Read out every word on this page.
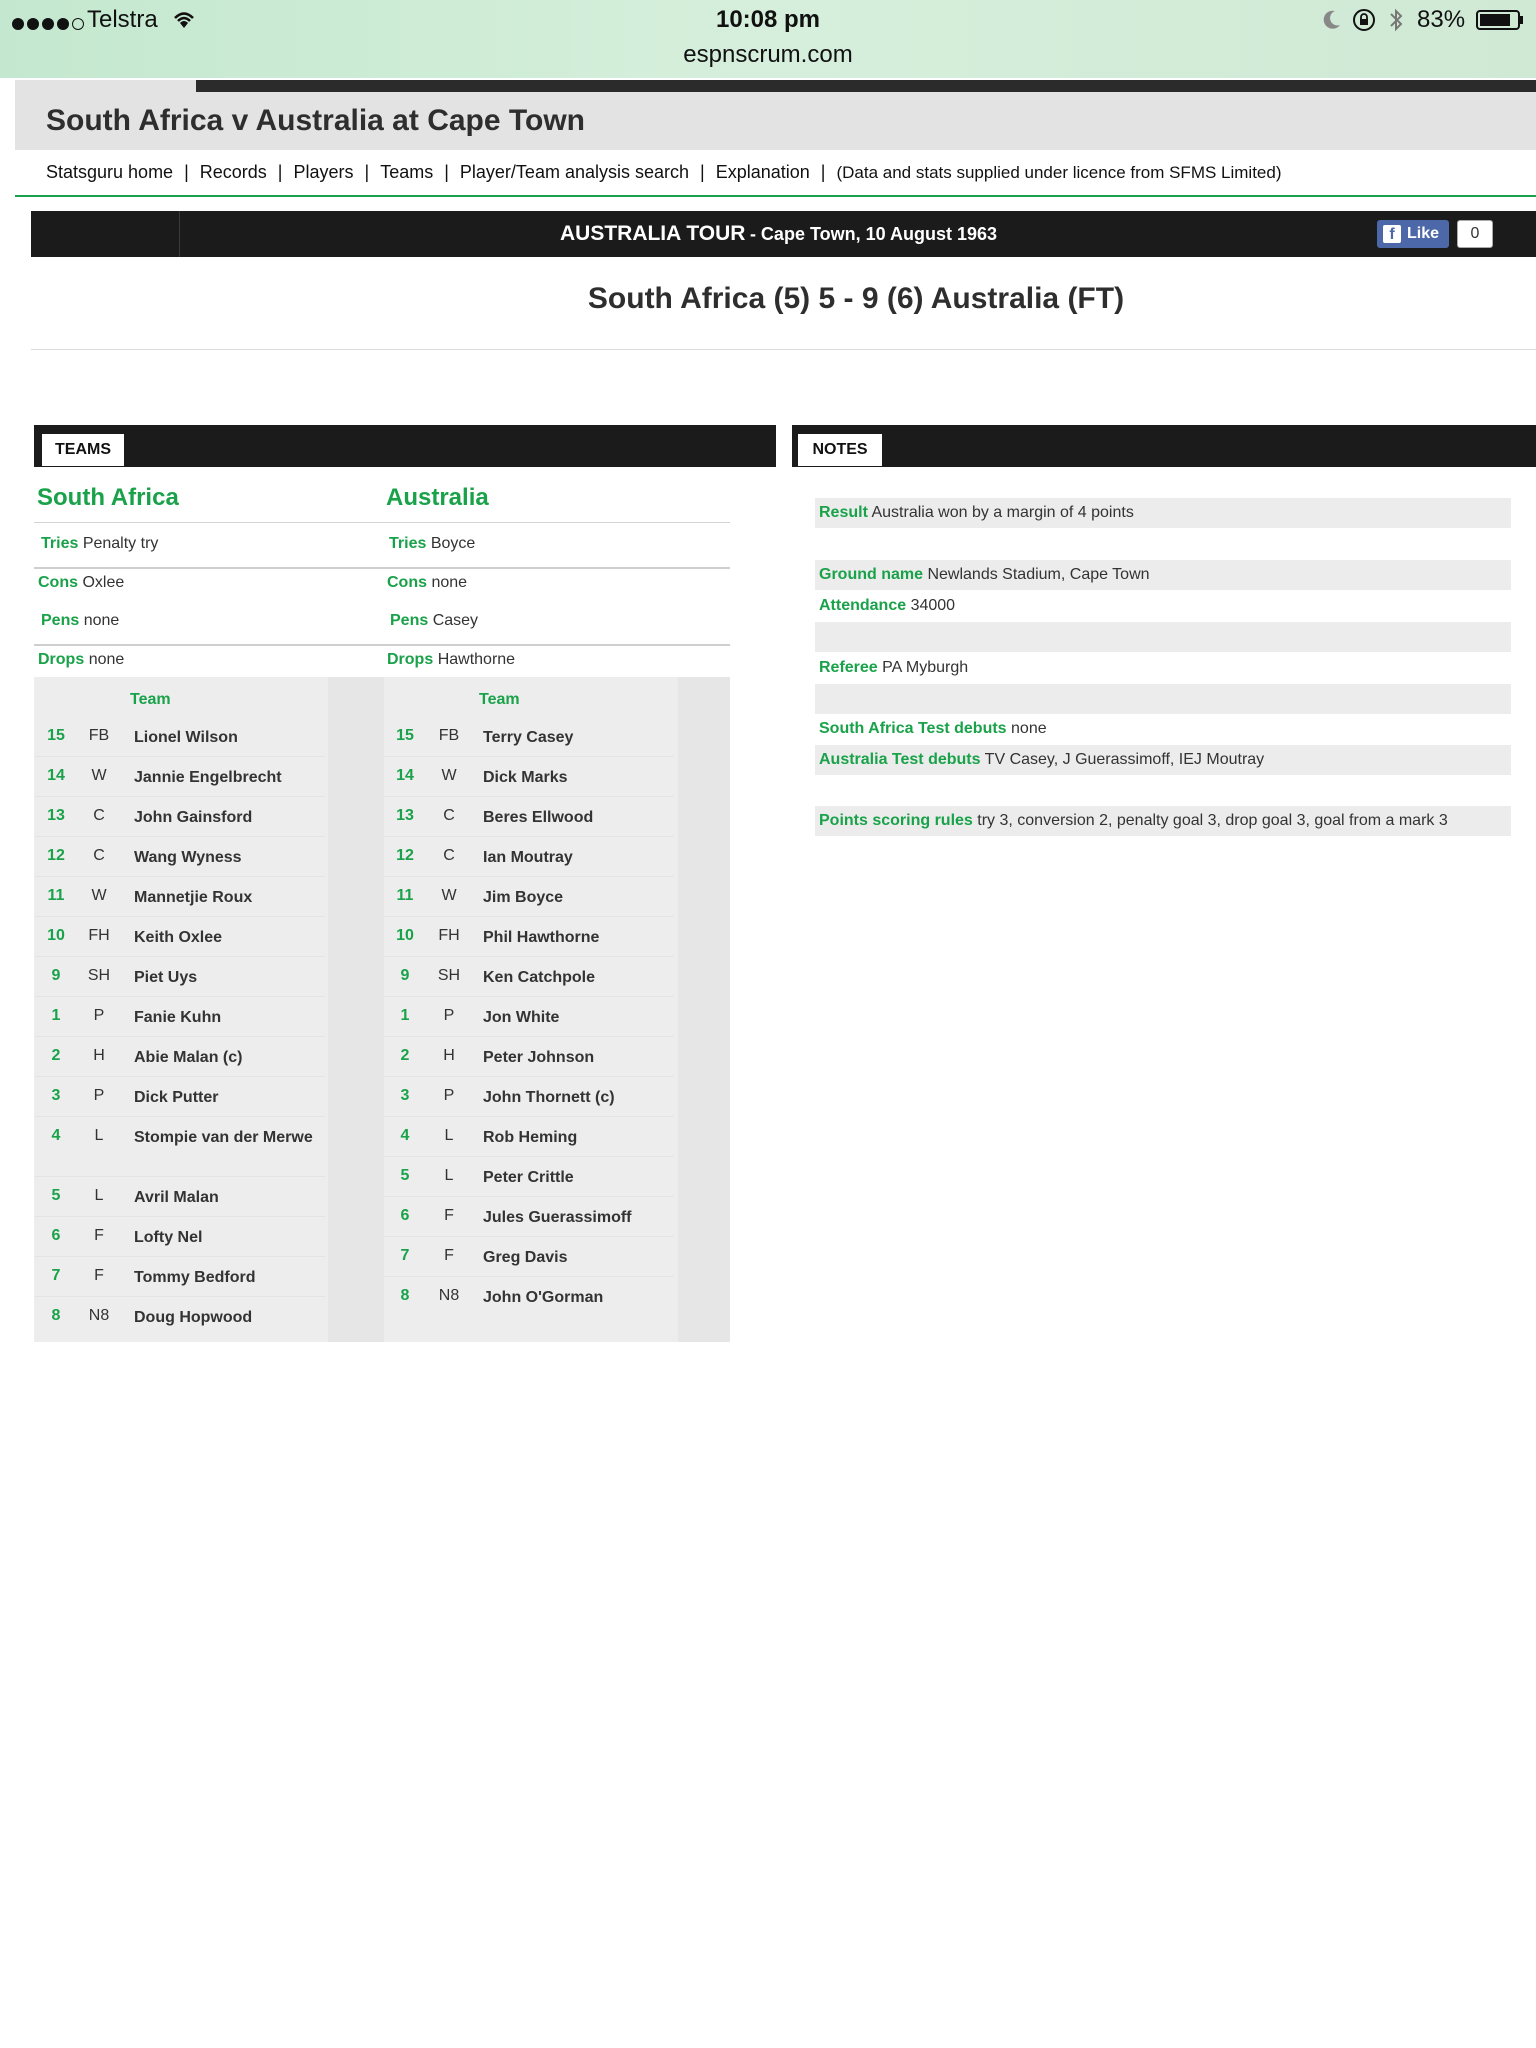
Telstra	10:08 pm
espnscrum.com
83%
South Africa v Australia at Cape Town
Statsguru home | Records | Players | Teams | Player/Team analysis search | Explanation | (Data and stats supplied under licence from SFMS Limited)
AUSTRALIA TOUR - Cape Town, 10 August 1963	f Like	0
South Africa (5) 5 - 9 (6) Australia (FT)
TEAMS
South Africa	Australia
Tries Penalty try	Tries Boyce
Cons Oxlee	Cons none
Pens none	Pens Casey
Drops none	Drops Hawthorne
Team	Team
15	FB	Lionel Wilson
14	W	Jannie Engelbrecht
13	C	John Gainsford
12	C	Wang Wyness
11	W	Mannetjie Roux
10	FH	Keith Oxlee
9	SH	Piet Uys
1	P	Fanie Kuhn
2	H	Abie Malan (c)
3	P	Dick Putter
4	L	Stompie van der Merwe
5	L	Avril Malan
6	F	Lofty Nel
7	F	Tommy Bedford
8	N8	Doug Hopwood
15	FB	Terry Casey
14	W	Dick Marks
13	C	Beres Ellwood
12	C	Ian Moutray
11	W	Jim Boyce
10	FH	Phil Hawthorne
9	SH	Ken Catchpole
1	P	Jon White
2	H	Peter Johnson
3	P	John Thornett (c)
4	L	Rob Heming
5	L	Peter Crittle
6	F	Jules Guerassimoff
7	F	Greg Davis
8	N8	John O'Gorman
NOTES
Result Australia won by a margin of 4 points
Ground name Newlands Stadium, Cape Town
Attendance 34000
Referee PA Myburgh
South Africa Test debuts none
Australia Test debuts TV Casey, J Guerassimoff, IEJ Moutray
Points scoring rules try 3, conversion 2, penalty goal 3, drop goal 3, goal from a mark 3
